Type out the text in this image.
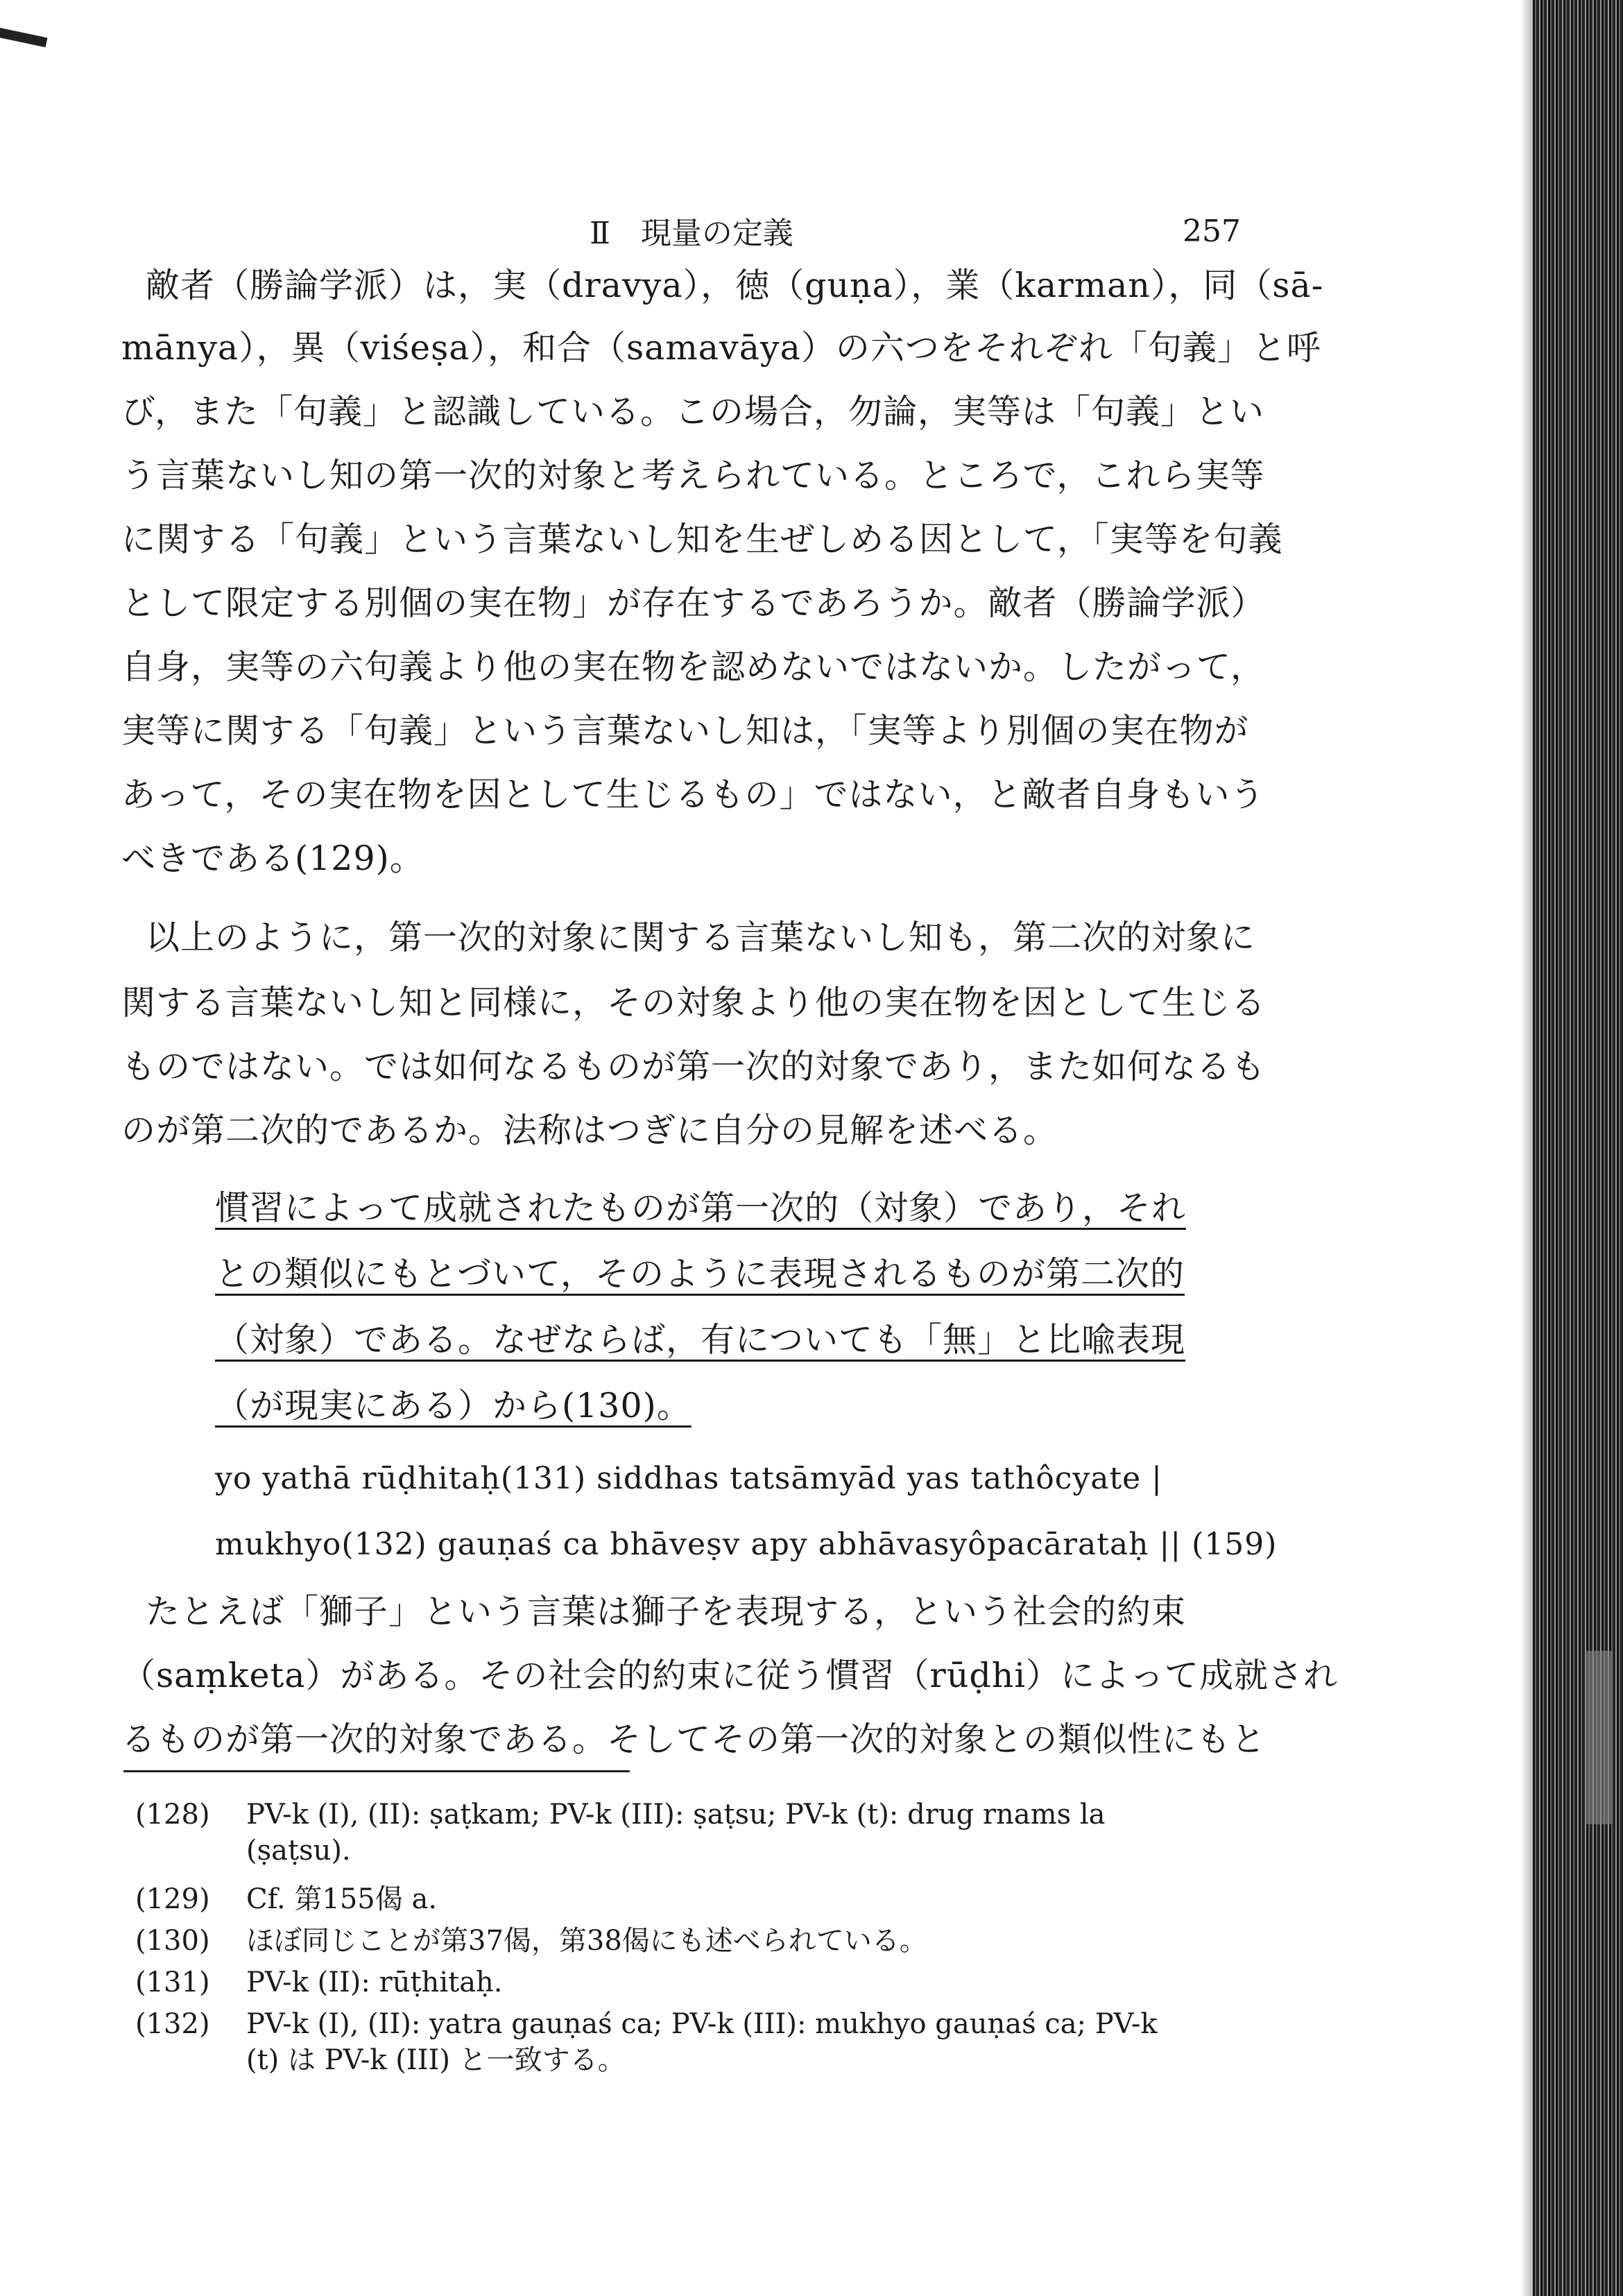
Ⅱ　現量の定義	257
敵者（勝論学派）は，実（dravya），徳（guṇa），業（karman），同（sā-
mānya），異（viśeṣa），和合（samavāya）の六つをそれぞれ「句義」と呼
び，また「句義」と認識している。この場合，勿論，実等は「句義」とい
う言葉ないし知の第一次的対象と考えられている。ところで，これら実等
に関する「句義」という言葉ないし知を生ぜしめる因として，「実等を句義
として限定する別個の実在物」が存在するであろうか。敵者（勝論学派）
自身，実等の六句義より他の実在物を認めないではないか。したがって，
実等に関する「句義」という言葉ないし知は，「実等より別個の実在物が
あって，その実在物を因として生じるもの」ではない，と敵者自身もいう
べきである(129)。
以上のように，第一次的対象に関する言葉ないし知も，第二次的対象に
関する言葉ないし知と同様に，その対象より他の実在物を因として生じる
ものではない。では如何なるものが第一次的対象であり，また如何なるも
のが第二次的であるか。法称はつぎに自分の見解を述べる。
慣習によって成就されたものが第一次的（対象）であり，それ
との類似にもとづいて，そのように表現されるものが第二次的
（対象）である。なぜならば，有についても「無」と比喩表現
（が現実にある）から(130)。
yo yathā rūḍhitaḥ(131) siddhas tatsāmyād yas tathôcyate |
mukhyo(132) gauṇaś ca bhāveṣv apy abhāvasyôpacārataḥ || (159)
たとえば「獅子」という言葉は獅子を表現する，という社会的約束
（saṃketa）がある。その社会的約束に従う慣習（rūḍhi）によって成就され
るものが第一次的対象である。そしてその第一次的対象との類似性にもと
(128)	PV-k (I), (II): ṣaṭkam; PV-k (III): ṣaṭsu; PV-k (t): drug rnams la
(ṣaṭsu).
(129)	Cf. 第155偈 a.
(130)	ほぼ同じことが第37偈，第38偈にも述べられている。
(131)	PV-k (II): rūṭhitaḥ.
(132)	PV-k (I), (II): yatra gauṇaś ca; PV-k (III): mukhyo gauṇaś ca; PV-k
(t) は PV-k (III) と一致する。
